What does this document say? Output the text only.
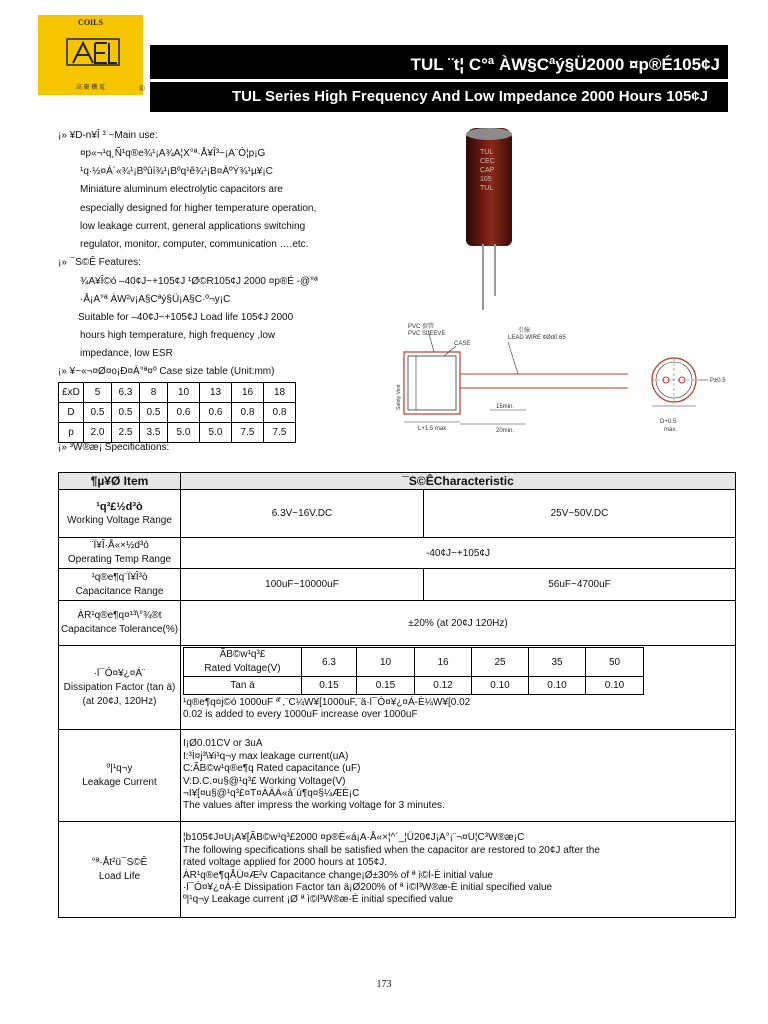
COILS
高 聚 機 電	®
TUL ¨t¦ C°ª ÀW§Cªý§Ü2000 ¤p®É105¢J
TUL Series High Frequency And Low Impedance 2000 Hours 105¢J
¡» ¥D-n¥Î ³ ~Main use:
¤p«¬¹q¸Ñ¹q®e¾¹¡A¾A¦X°ª·Å¥Î³~¡A¨Ò¦p¡G
¹q·½¤Á´«¾¹¡Bºûí¾¹¡Bºq¹ê¾¹¡B¤ÀºÝ¾¹µ¥¡C
Miniature aluminum electrolytic capacitors are
especially designed for higher temperature operation,
low leakage current, general applications switching
regulator, monitor, computer, communication ….etc.
¡» ¯S©Ê Features:
¾A¥Î©ó –40¢J~+105¢J ¹Ø©R105¢J 2000 ¤p®É -@°ª
·Å¡A°ª ÀW²v¡A§Cªý§Ü¡A§C·º¬y¡C
Suitable for –40¢J~+105¢J Load life 105¢J 2000
hours high temperature, high frequency ,low
impedance, low ESR
¡» ¥~«¬¤Ø¤o¡Ð¤À°ª¤º Case size table (Unit:mm)
TUL
CEC
CAP
105
TUL
PVC 套管
PVC SLEEVE
CASE
引線
LEAD WIRE ¢Ød0.65
Safety Vent	15min.
20min.
L+1.5 max.
P±0.5
D+0.5
max.
£xD	5	6.3	8	10	13	16	18
D	0.5	0.5	0.5	0.6	0.6	0.8	0.8
p	2.0	2.5	3.5	5.0	5.0	7.5	7.5
¡» ³W®æ¡ Specifications:
¶µ¥Ø Item	¯S©ÊCharacteristic

¹q³£½d³ò
Working Voltage Range
	6.3V~16V.DC	25V~50V.DC

¨Ï¥Î·Å«×½d³ò
Operating Temp Range
	-40¢J~+105¢J

¹q®e¶q¨Ï¥Î³ò
Capacitance Range
	100uF~10000uF	56uF~4700uF

ÀR¹q®e¶q¤¹³\°¾®t
Capacitance Tolerance(%)
	±20% (at 20¢J 120Hz)

·l¯Ó¤¥¿¤Á¨
Dissipation Factor (tan ä)
(at 20¢J, 120Hz)

ÃB©w¹q³£
Rated Voltage(V)
	6.3	10	16	25	35	50
Tan ä	0.15	0.15	0.12	0.10	0.10	0.10
¹q®e¶q¤j©ó 1000uF ª̊ ,¨C¼W¥[1000uF,¨ä·l¯Ó¤¥¿¤Á-È¼W¥[0.02
0.02 is added to every 1000uF increase over 1000uF

º|¹q¬y
Leakage Current

I¡Ø0.01CV or 3uA
I:³Ì¤j³\¥i¹q¬y max leakage current(uA)
C:ÃB©w¹q®e¶q Rated capacitance (uF)
V:D.C.¤u§@¹q³£ Working Voltage(V)
¬I¥[¤u§@¹q³£¤T¤ÀÄÁ«á´ú¶q¤§¼ÆÈ¡C
The values after impress the working voltage for 3 minutes.

°ª·Åt²ü¯S©Ê
Load Life

¦b105¢J¤U¡A¥[ÃB©w¹q³£2000 ¤p®É«á¡A·Å«×¦^´_¦Ü20¢J¡A°¡¨¬¤U¦C³W®æ¡C
The following specifications shall be satisfied when the capacitor are restored to 20¢J after the
rated voltage applied for 2000 hours at 105¢J.
ÀR¹q®e¶qÅÜ¤Æ²v Capacitance change¡Ø±30% of ª ì©l-È initial value
·l¯Ó¤¥¿¤Á-È Dissipation Factor tan ä¡Ø200% of ª ì©l³W®æ-È initial specified value
º|¹q¬y Leakage current ¡Ø ª ì©l³W®æ-È initial specified value
173
